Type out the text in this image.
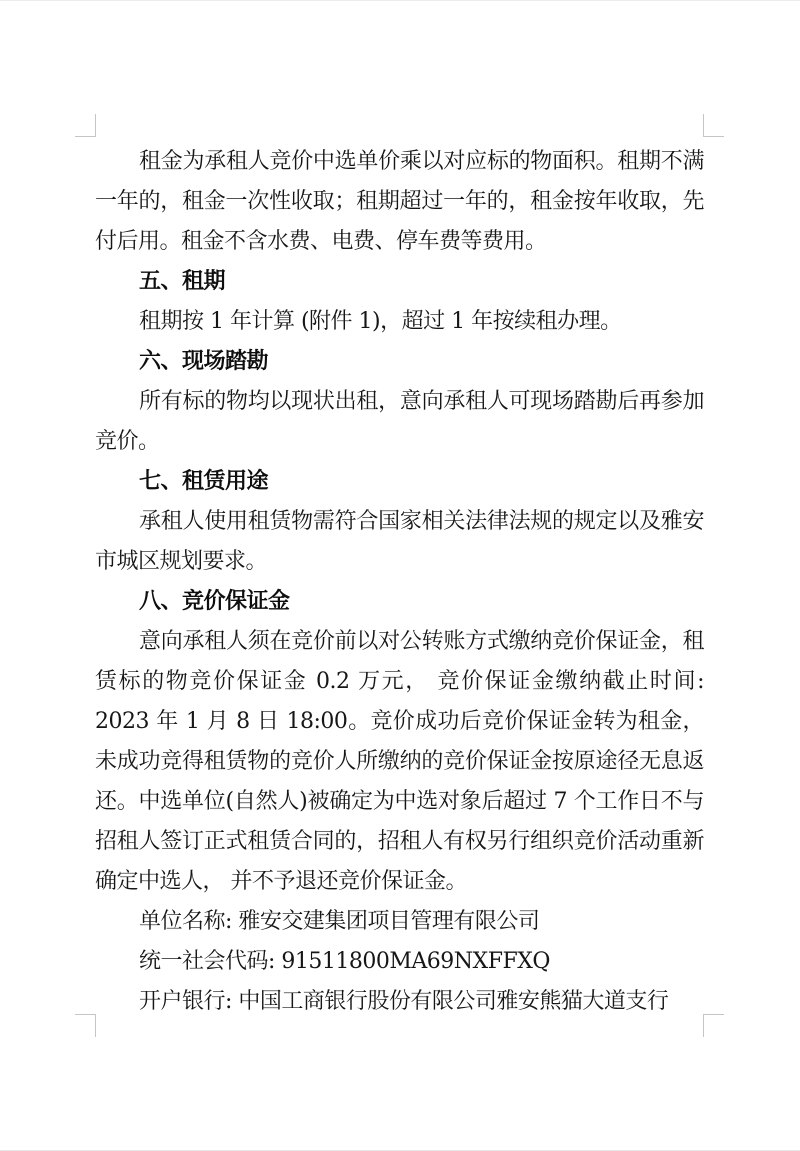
租金为承租人竞价中选单价乘以对应标的物面积。租期不满一年的，租金一次性收取；租期超过一年的，租金按年收取，先付后用。租金不含水费、电费、停车费等费用。

五、租期

租期按 1 年计算 (附件 1)，超过 1 年按续租办理。

六、现场踏勘

所有标的物均以现状出租，意向承租人可现场踏勘后再参加竞价。

七、租赁用途

承租人使用租赁物需符合国家相关法律法规的规定以及雅安市城区规划要求。

八、竞价保证金

意向承租人须在竞价前以对公转账方式缴纳竞价保证金，租赁标的物竞价保证金 0.2 万元， 竞价保证金缴纳截止时间: 2023 年 1 月 8 日 18:00。竞价成功后竞价保证金转为租金，未成功竞得租赁物的竞价人所缴纳的竞价保证金按原途径无息返还。中选单位(自然人)被确定为中选对象后超过 7 个工作日不与招租人签订正式租赁合同的，招租人有权另行组织竞价活动重新确定中选人， 并不予退还竞价保证金。

单位名称: 雅安交建集团项目管理有限公司

统一社会代码: 91511800MA69NXFFXQ

开户银行: 中国工商银行股份有限公司雅安熊猫大道支行
